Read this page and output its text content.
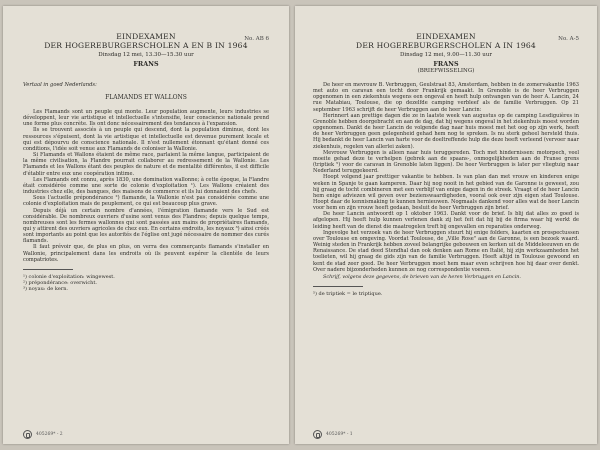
No. AB 6
EINDEXAMEN
DER HOGEREBURGERSCHOLEN A EN B IN 1964
Dinsdag 12 mei, 13.30—15.30 uur
FRANS
Vertaal in goed Nederlands:
FLAMANDS ET WALLONS

Les Flamands sont un peuple qui monte. Leur population augmente, leurs industries se développent, leur vie artistique et intellectuelle s'intensifie, leur conscience nationale prend une forme plus concrète. Ils ont donc nécessairement des tendances à l'expansion.

Ils se trouvent associés à un peuple qui descend, dont la population diminue, dont les ressources s'épuisent, dont la vie artistique et intellectuelle est devenue purement locale et qui est dépourvu de conscience nationale. Il n'est nullement étonnant qu'étant donné ces conditions, l'idée soit venue aux Flamands de coloniser la Wallonie.

Si Flamands et Wallons étaient de même race, parlaient la même langue, participaient de la même civilisation, la Flandre pourrait collaborer au redressement de la Wallonie. Les Flamands et les Wallons étant des peuples de nature et de mentalité différentes, il est difficile d'établir entre eux une coopération intime.

Les Flamands ont connu, après 1830, une domination wallonne; à cette époque, la Flandre était considérée comme une sorte de colonie d'exploitation ¹). Les Wallons créaient des industries chez elle, des banques, des maisons de commerce et ils lui donnaient des chefs.

Sous l'actuelle prépondérance ²) flamande, la Wallonie n'est pas considérée comme une colonie d'exploitation mais de peuplement, ce qui est beaucoup plus grave.

Depuis déjà un certain nombre d'années, l'émigration flamande vers le Sud est considérable. De nombreux ouvriers d'usine sont venus des Flandres; depuis quelque temps, nombreuses sont les fermes wallonnes qui sont passées aux mains de propriétaires flamands, qui y attirent des ouvriers agricoles de chez eux. En certains endroits, les noyaux ³) ainsi créés sont importants au point que les autorités de l'église ont jugé nécessaire de nommer des curés flamands.

Il faut prévoir que, de plus en plus, on verra des commerçants flamands s'installer en Wallonie, principalement dans les endroits où ils peuvent espérer la clientèle de leurs compatriotes.

¹) colonie d'exploitation: wingewest.
²) prépondérance: overwicht.
³) noyau: de kern.
405269* - 2
No. A-5
EINDEXAMEN
DER HOGEREBURGERSCHOLEN A IN 1964
Dinsdag 12 mei, 9.00—11.30 uur
FRANS
(BRIEFWISSELING)

De heer en mevrouw B. Verbruggen, Geulstraat 83, Amsterdam, hebben in de zomervakantie 1963 met auto en caravan een tocht door Frankrijk gemaakt. In Grenoble is de heer Verbruggen opgenomen in een ziekenhuis wegens een ongeval en heeft hulp ontvangen van de heer A. Lancin, 24 rue Matabiau, Toulouse, die op dezelfde camping verbleef als de familie Verbruggen. Op 21 september 1963 schrijft de heer Verbruggen aan de heer Lancin:

Herinnert aan prettige dagen die ze in laatste week van augustus op de camping Lesdiguières in Grenoble hebben doorgebracht en aan de dag, dat hij wegens ongeval in het ziekenhuis moest worden opgenomen. Dankt de heer Lancin de volgende dag naar huis moest met het oog op zijn werk, heeft de heer Verbruggen geen gelegenheid gehad hem nog te spreken. Is nu sterk geheel hersteld thuis. Hij bedankt de heer Lancin van harte voor de doeltreffende hulp die deze heeft verleend (vervoer naar ziekenhuis, regelen van allerlei zaken).

Mevrouw Verbruggen is alleen naar huis teruggereden. Toch met hindernissen: motorpech, veel moeite gehad deze te verhelpen (gebrek aan de spaans-, onmogelijkheden aan de Franse grens (triptiek ⁵) voor de caravan in Grenoble laten liggen). De heer Verbruggen is later per vliegtuig naar Nederland teruggekeerd.

Hoopt volgend jaar prettiger vakantie te hebben. Is van plan dan met vrouw en kinderen enige weken in Spanje te gaan kamperen. Daar hij nog nooit in het gebied van de Garonne is geweest, zou hij graag de tocht combineren met een verblijf van enige dagen in de streek. Vraagt of de heer Lancin hem enige adviezen wil geven over bezienswaardigheden, vooral ook over zijn eigen stad Toulouse. Hoopt daar de kennismaking te kunnen hernieuwen. Nogmaals dankend voor alles wat de heer Lancin voor hem en zijn vrouw heeft gedaan, besluit de heer Verbruggen zijn brief.

De heer Lancin antwoordt op 1 oktober 1963. Dankt voor de brief. Is blij dat alles zo goed is afgelopen. Hij heeft hulp kunnen verlenen dank zij het feit dat hij bij de firma waar hij werkt de leiding heeft van de dienst die maatregelen treft bij ongevallen en reparaties onderweg.

Ingevolge het verzoek van de heer Verbruggen stuurt hij enige folders, kaarten en prospectussen over Toulouse en omgeving. Voordat Toulouse, de „Ville Rose" aan de Garonne, is een bezoek waard. Weinig steden in Frankrijk hebben zoveel belangrijke gebouwen en kerken uit de Middeleeuwen en de Renaissance. De stad deed Stendhal dan ook denken aan Rome en Italië, hij zijn werkzaamheden het toelieten, wil hij graag de gids zijn van de familie Verbruggen. Heeft altijd in Toulouse gewoond en kent de stad zeer goed. De heer Verbruggen moet hem maar even schrijven hoe hij daar over denkt. Over nadere bijzonderheden kunnen ze nog correspondentie voeren.

Schrijf, volgens deze gegevens, de brieven van de heren Verbruggen en Lancin.

⁵) de triptiek = le triptique.
405269* - 1
